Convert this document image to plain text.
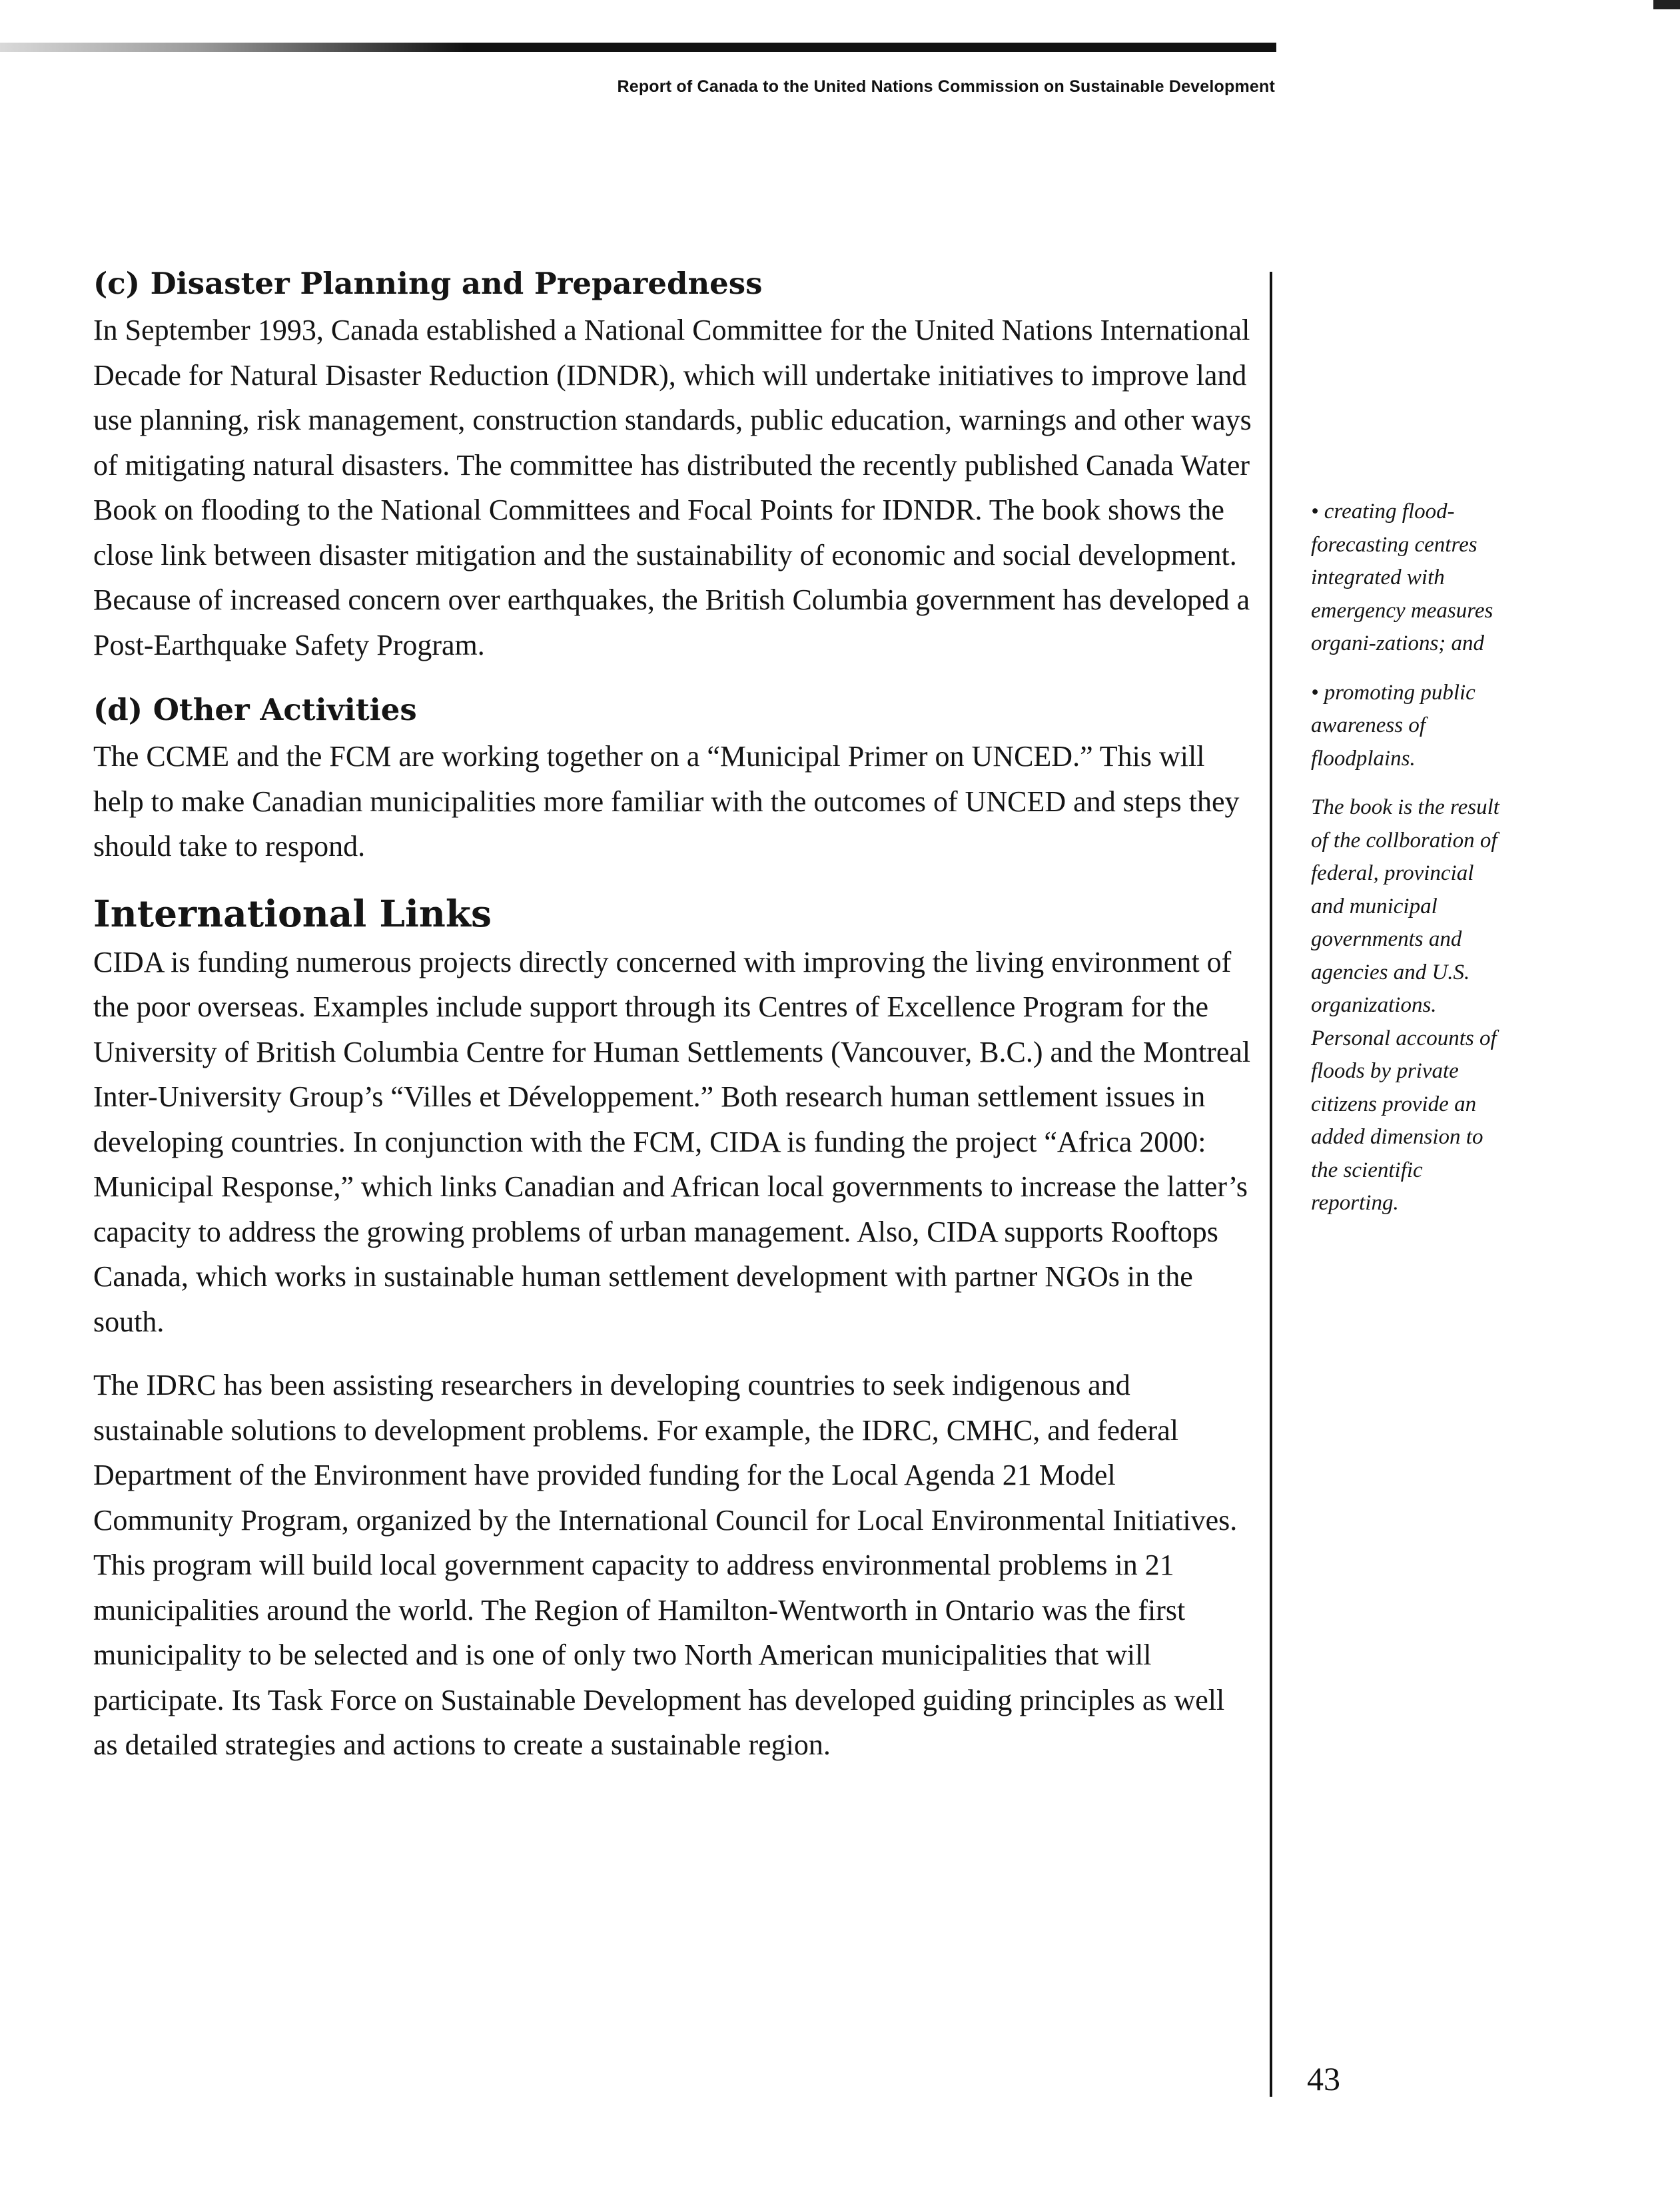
Report of Canada to the United Nations Commission on Sustainable Development
(c) Disaster Planning and Preparedness

In September 1993, Canada established a National Committee for the United Nations International Decade for Natural Disaster Reduction (IDNDR), which will undertake initiatives to improve land use planning, risk management, construction standards, public education, warnings and other ways of mitigating natural disasters. The committee has distributed the recently published Canada Water Book on flooding to the National Committees and Focal Points for IDNDR. The book shows the close link between disaster mitigation and the sustainability of economic and social development. Because of increased concern over earthquakes, the British Columbia government has developed a Post-Earthquake Safety Program.

(d) Other Activities

The CCME and the FCM are working together on a “Municipal Primer on UNCED.” This will help to make Canadian municipalities more familiar with the outcomes of UNCED and steps they should take to respond.

International Links

CIDA is funding numerous projects directly concerned with improving the living environment of the poor overseas. Examples include support through its Centres of Excellence Program for the University of British Columbia Centre for Human Settlements (Vancouver, B.C.) and the Montreal Inter-University Group’s “Villes et Développement.” Both research human settlement issues in developing countries. In conjunction with the FCM, CIDA is funding the project “Africa 2000: Municipal Response,” which links Canadian and African local governments to increase the latter’s capacity to address the growing problems of urban management. Also, CIDA supports Rooftops Canada, which works in sustainable human settlement development with partner NGOs in the south.

The IDRC has been assisting researchers in developing countries to seek indigenous and sustainable solutions to development problems. For example, the IDRC, CMHC, and federal Department of the Environment have provided funding for the Local Agenda 21 Model Community Program, organized by the International Council for Local Environmental Initiatives. This program will build local government capacity to address environmental problems in 21 municipalities around the world. The Region of Hamilton-Wentworth in Ontario was the first municipality to be selected and is one of only two North American municipalities that will participate. Its Task Force on Sustainable Development has developed guiding principles as well as detailed strategies and actions to create a sustainable region.

• creating flood-forecasting centres integrated with emergency measures organi-zations; and

• promoting public awareness of floodplains.

The book is the result of the collboration of federal, provincial and municipal governments and agencies and U.S. organizations. Personal accounts of floods by private citizens provide an added dimension to the scientific reporting.

43
